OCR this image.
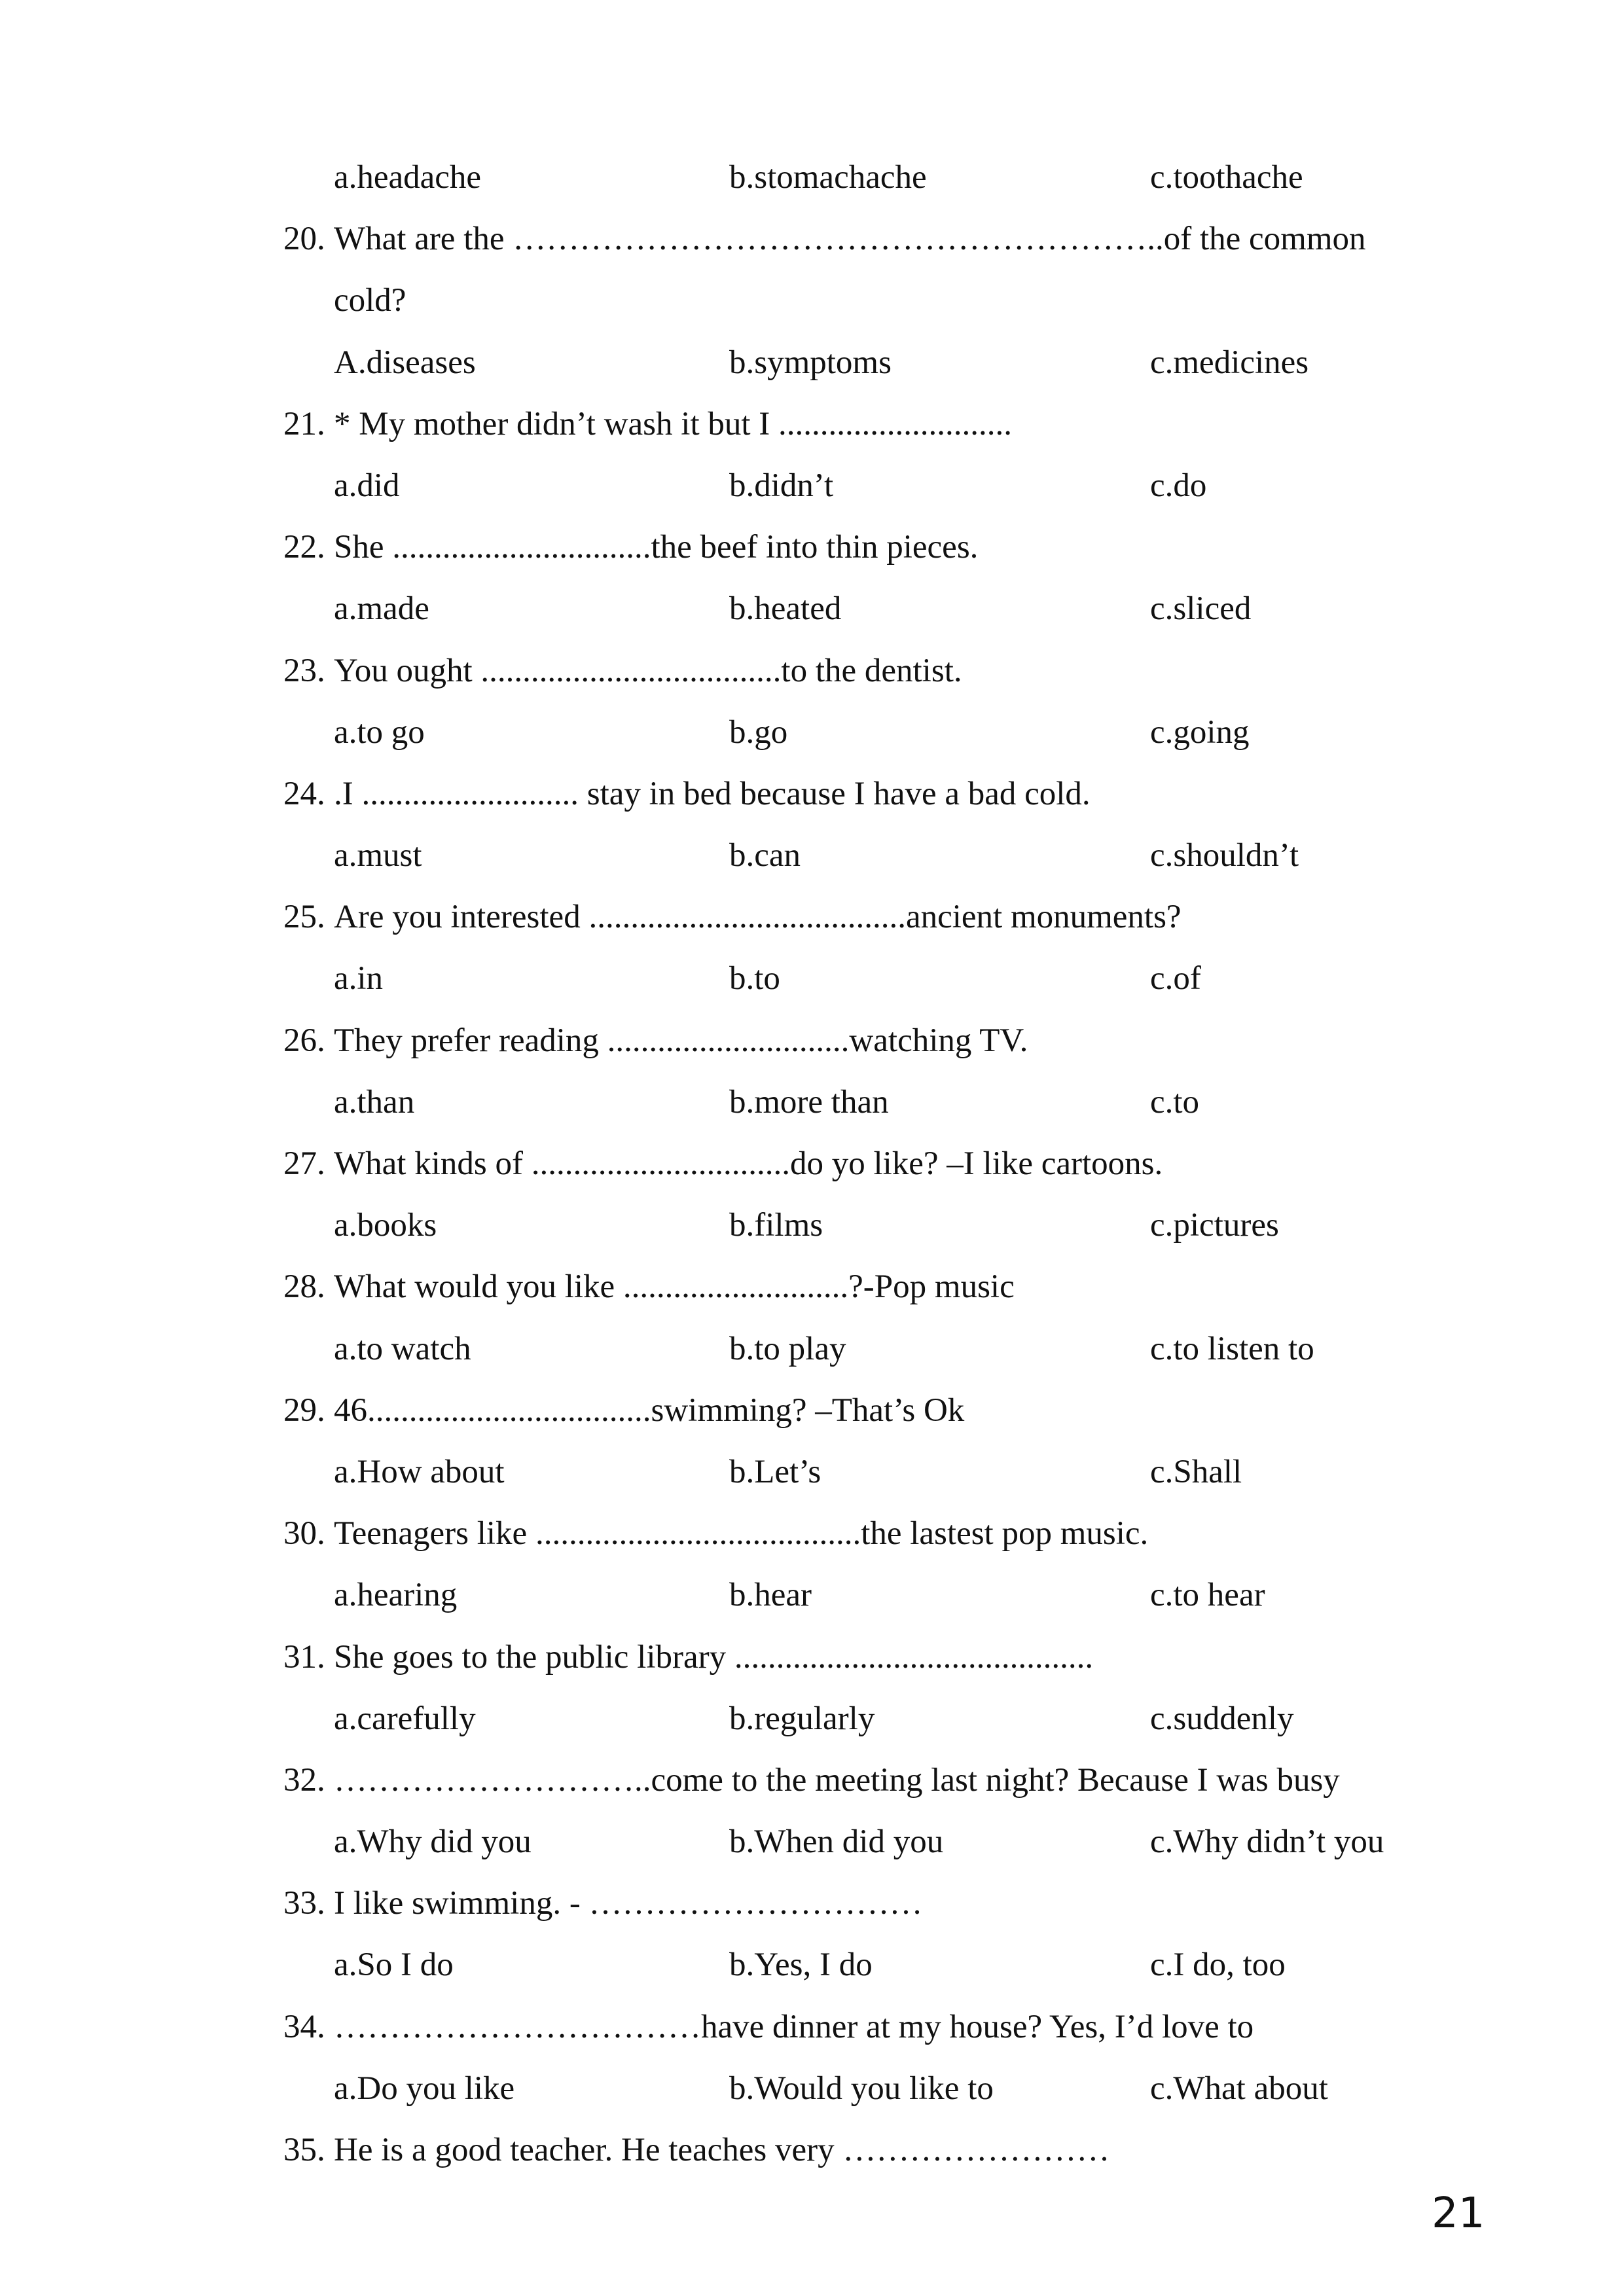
a.headache	b.stomachache	c.toothache
20. What are the …………………………………………………..of the common
cold?
A.diseases	b.symptoms	c.medicines
21. * My mother didn’t wash it but I ............................
a.did	b.didn’t	c.do
22. She ...............................the beef into thin pieces.
a.made	b.heated	c.sliced
23. You ought ....................................to the dentist.
a.to go	b.go	c.going
24. .I .......................... stay in bed because I have a bad cold.
a.must	b.can	c.shouldn’t
25. Are you interested ......................................ancient monuments?
a.in	b.to	c.of
26. They prefer reading .............................watching TV.
a.than	b.more than	c.to
27. What kinds of ...............................do yo like? –I like cartoons.
a.books	b.films	c.pictures
28. What would you like ...........................?-Pop music
a.to watch	b.to play	c.to listen to
29. 46..................................swimming? –That’s Ok
a.How about	b.Let’s	c.Shall
30. Teenagers like .......................................the lastest pop music.
a.hearing	b.hear	c.to hear
31. She goes to the public library ...........................................
a.carefully	b.regularly	c.suddenly
32. ………………………..come to the meeting last night? Because I was busy
a.Why did you	b.When did you	c.Why didn’t you
33. I like swimming. - …………………………
a.So I do	b.Yes, I do	c.I do, too
34. ……………………………have dinner at my house? Yes, I’d love to
a.Do you like	b.Would you like to	c.What about
35. He is a good teacher. He teaches very ……………………
21
